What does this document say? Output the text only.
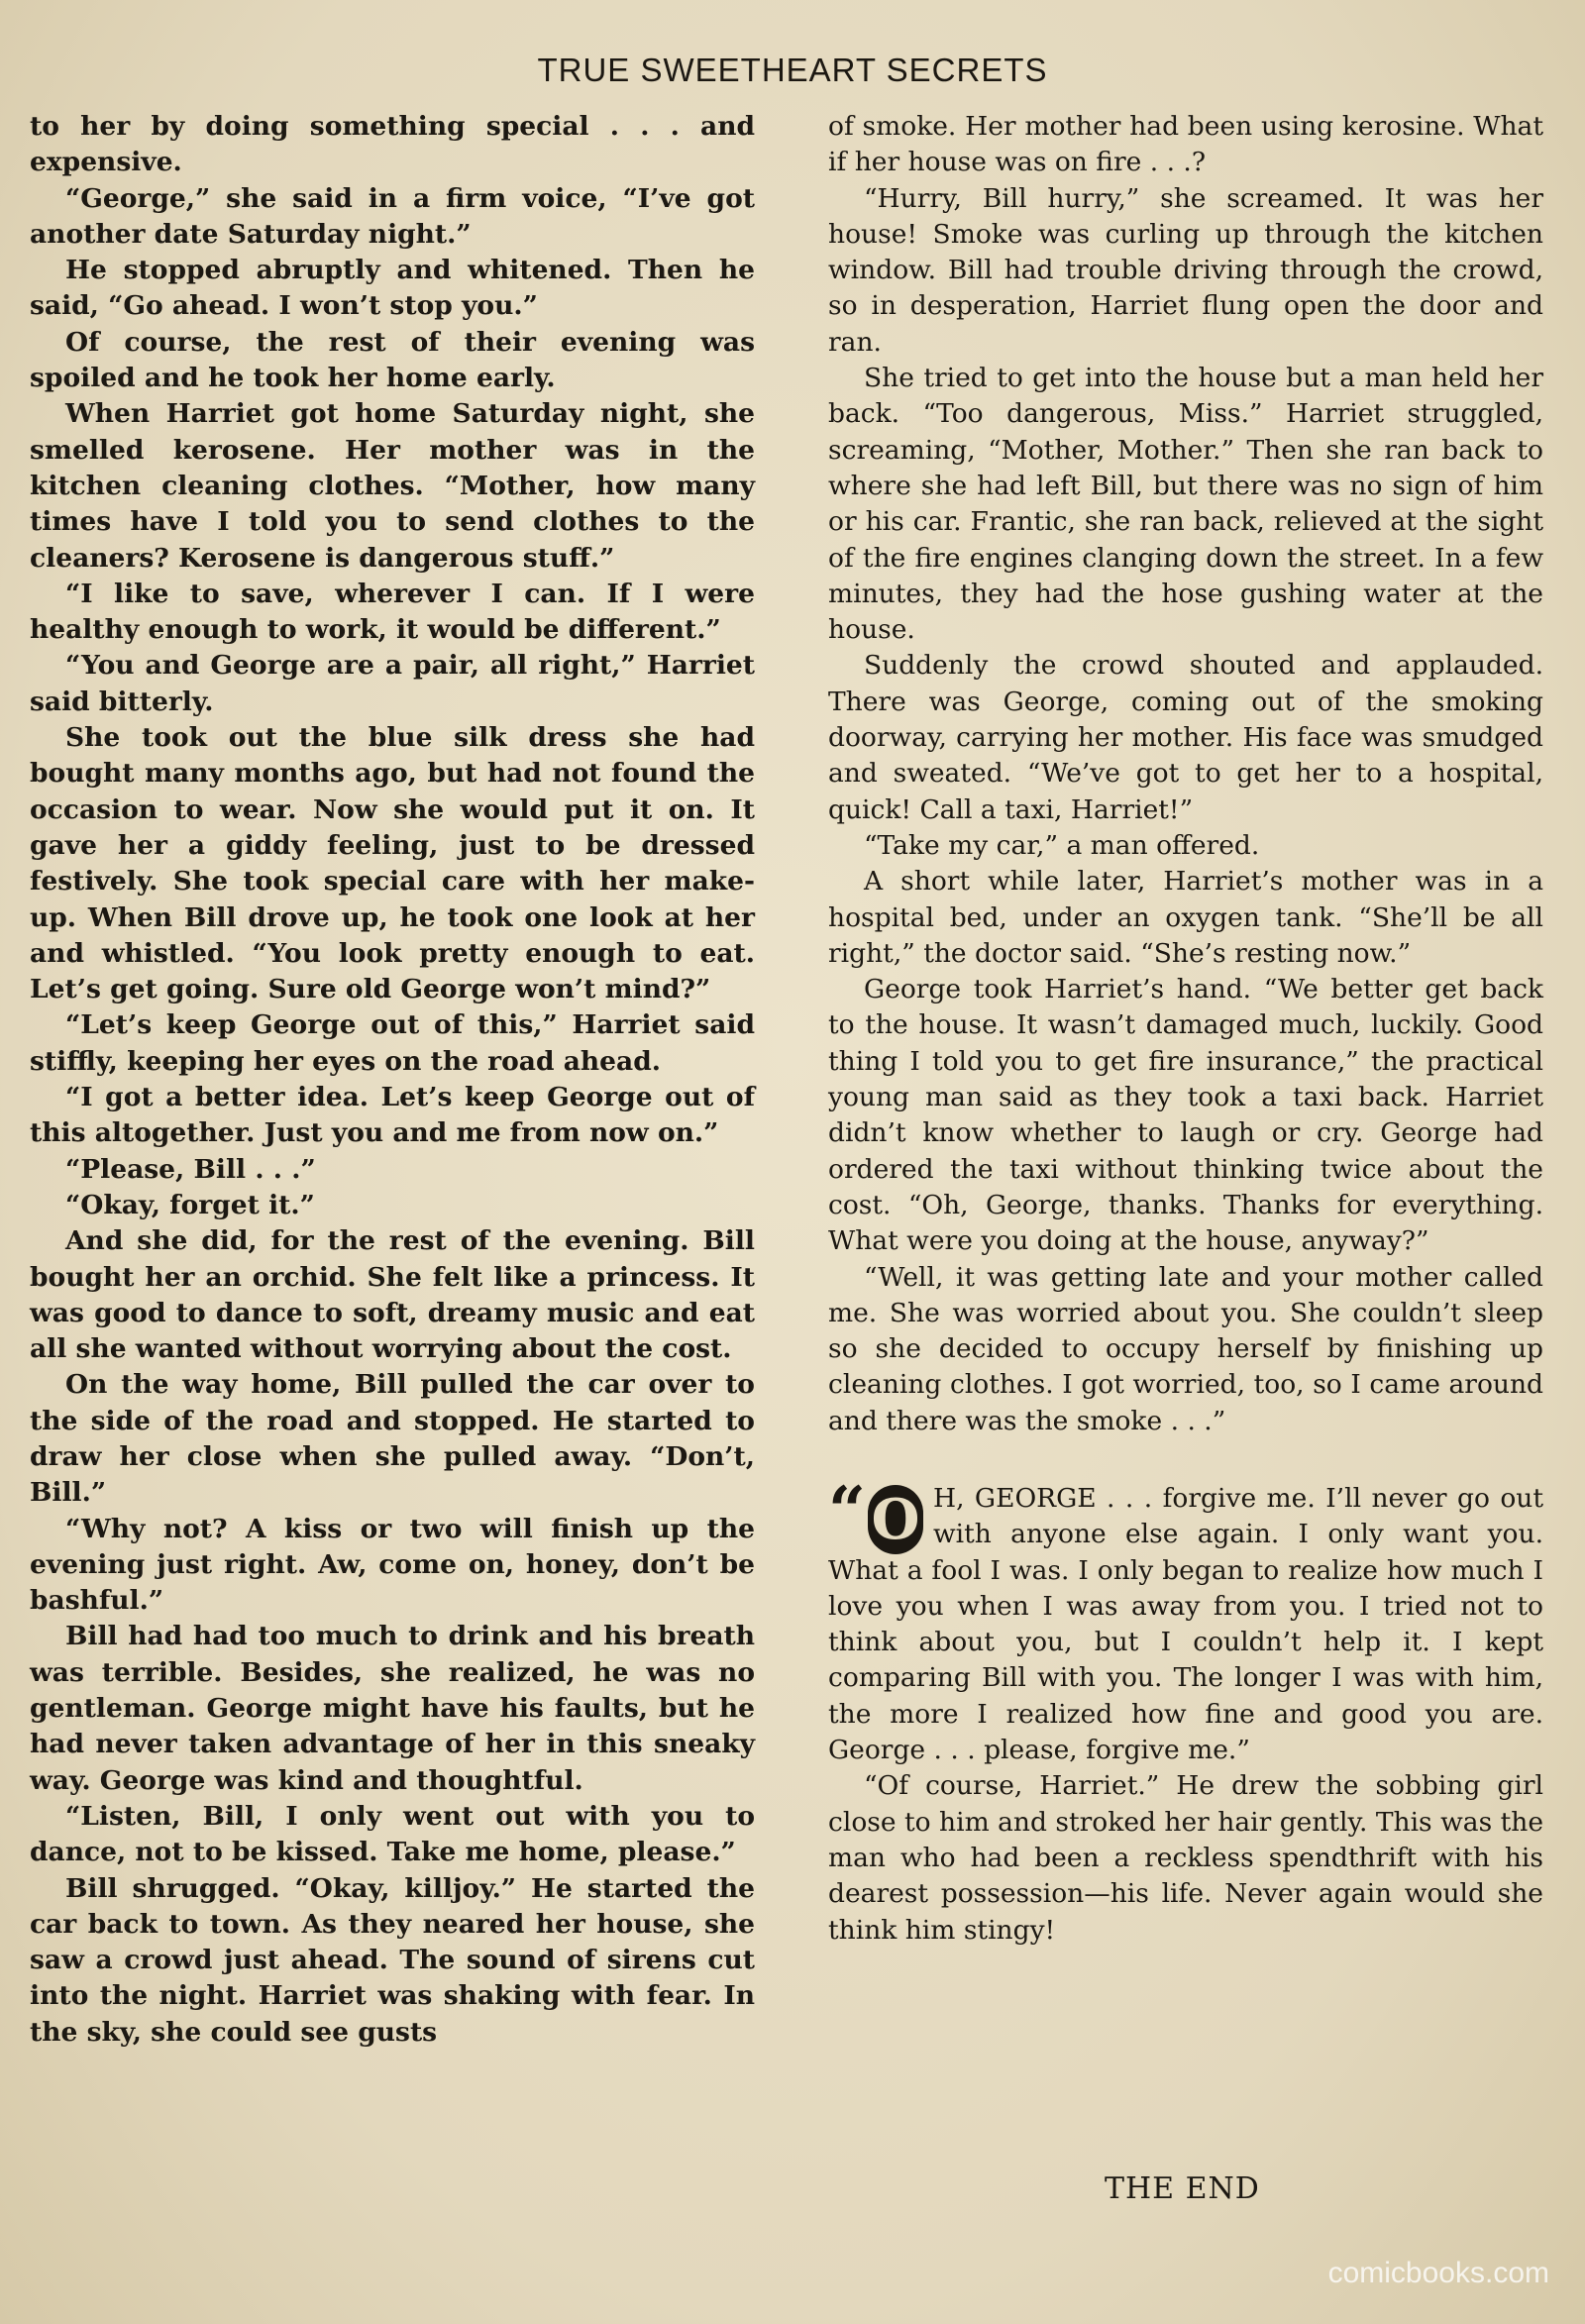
TRUE SWEETHEART SECRETS

to her by doing something special . . . and expensive.

“George,” she said in a firm voice, “I’ve got another date Saturday night.”

He stopped abruptly and whitened. Then he said, “Go ahead. I won’t stop you.”

Of course, the rest of their evening was spoiled and he took her home early.

When Harriet got home Saturday night, she smelled kerosene. Her mother was in the kitchen cleaning clothes. “Mother, how many times have I told you to send clothes to the cleaners? Kerosene is dangerous stuff.”

“I like to save, wherever I can. If I were healthy enough to work, it would be different.”

“You and George are a pair, all right,” Harriet said bitterly.

She took out the blue silk dress she had bought many months ago, but had not found the occasion to wear. Now she would put it on. It gave her a giddy feeling, just to be dressed festively. She took special care with her make-up. When Bill drove up, he took one look at her and whistled. “You look pretty enough to eat. Let’s get going. Sure old George won’t mind?”

“Let’s keep George out of this,” Harriet said stiffly, keeping her eyes on the road ahead.

“I got a better idea. Let’s keep George out of this altogether. Just you and me from now on.”

“Please, Bill . . .”

“Okay, forget it.”

And she did, for the rest of the evening. Bill bought her an orchid. She felt like a princess. It was good to dance to soft, dreamy music and eat all she wanted without worrying about the cost.

On the way home, Bill pulled the car over to the side of the road and stopped. He started to draw her close when she pulled away. “Don’t, Bill.”

“Why not? A kiss or two will finish up the evening just right. Aw, come on, honey, don’t be bashful.”

Bill had had too much to drink and his breath was terrible. Besides, she realized, he was no gentleman. George might have his faults, but he had never taken advantage of her in this sneaky way. George was kind and thoughtful.

“Listen, Bill, I only went out with you to dance, not to be kissed. Take me home, please.”

Bill shrugged. “Okay, killjoy.” He started the car back to town. As they neared her house, she saw a crowd just ahead. The sound of sirens cut into the night. Harriet was shaking with fear. In the sky, she could see gusts

of smoke. Her mother had been using kerosine. What if her house was on fire . . .?

“Hurry, Bill hurry,” she screamed. It was her house! Smoke was curling up through the kitchen window. Bill had trouble driving through the crowd, so in desperation, Harriet flung open the door and ran.

She tried to get into the house but a man held her back. “Too dangerous, Miss.” Harriet struggled, screaming, “Mother, Mother.” Then she ran back to where she had left Bill, but there was no sign of him or his car. Frantic, she ran back, relieved at the sight of the fire engines clanging down the street. In a few minutes, they had the hose gushing water at the house.

Suddenly the crowd shouted and applauded. There was George, coming out of the smoking doorway, carrying her mother. His face was smudged and sweated. “We’ve got to get her to a hospital, quick! Call a taxi, Harriet!”

“Take my car,” a man offered.

A short while later, Harriet’s mother was in a hospital bed, under an oxygen tank. “She’ll be all right,” the doctor said. “She’s resting now.”

George took Harriet’s hand. “We better get back to the house. It wasn’t damaged much, luckily. Good thing I told you to get fire insurance,” the practical young man said as they took a taxi back. Harriet didn’t know whether to laugh or cry. George had ordered the taxi without thinking twice about the cost. “Oh, George, thanks. Thanks for everything. What were you doing at the house, anyway?”

“Well, it was getting late and your mother called me. She was worried about you. She couldn’t sleep so she decided to occupy herself by finishing up cleaning clothes. I got worried, too, so I came around and there was the smoke . . .”

“ O H, GEORGE . . . forgive me. I’ll never go out with anyone else again. I only want you. What a fool I was. I only began to realize how much I love you when I was away from you. I tried not to think about you, but I couldn’t help it. I kept comparing Bill with you. The longer I was with him, the more I realized how fine and good you are. George . . . please, forgive me.”

“Of course, Harriet.” He drew the sobbing girl close to him and stroked her hair gently. This was the man who had been a reckless spendthrift with his dearest possession—his life. Never again would she think him stingy!

THE END
comicbooks.com
